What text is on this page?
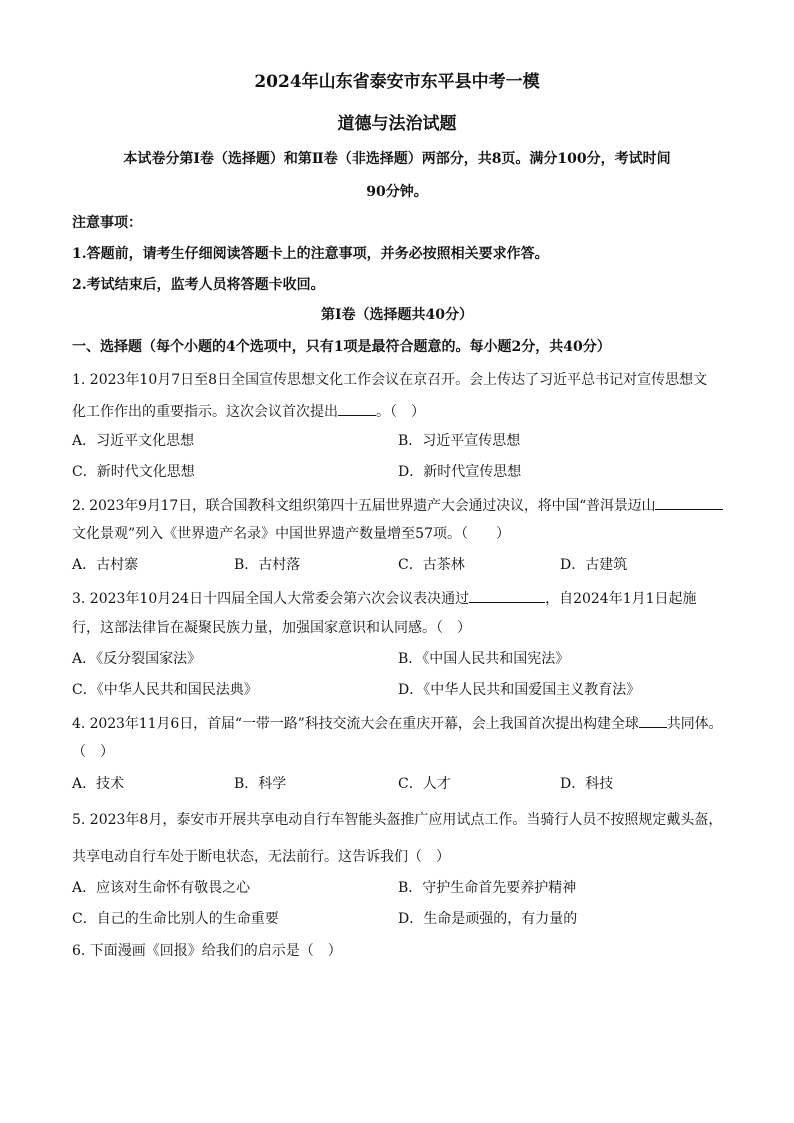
2024年山东省泰安市东平县中考一模
道德与法治试题
本试卷分第Ⅰ卷（选择题）和第Ⅱ卷（非选择题）两部分，共8页。满分100分，考试时间
90分钟。
注意事项：
1.答题前，请考生仔细阅读答题卡上的注意事项，并务必按照相关要求作答。
2.考试结束后，监考人员将答题卡收回。
第Ⅰ卷（选择题共40分）
一、选择题（每个小题的4个选项中，只有1项是最符合题意的。每小题2分，共40分）
1. 2023年10月7日至8日全国宣传思想文化工作会议在京召开。会上传达了习近平总书记对宣传思想文
化工作作出的重要指示。这次会议首次提出	。（　）
A．习近平文化思想	B．习近平宣传思想
C．新时代文化思想	D．新时代宣传思想
2. 2023年9月17日，联合国教科文组织第四十五届世界遗产大会通过决议，将中国“普洱景迈山
文化景观”列入《世界遗产名录》中国世界遗产数量增至57项。（　　）
A．古村寨	B．古村落	C．古茶林	D．古建筑
3. 2023年10月24日十四届全国人大常委会第六次会议表决通过	，自2024年1月1日起施
行，这部法律旨在凝聚民族力量，加强国家意识和认同感。（　）
A．《反分裂国家法》	B．《中国人民共和国宪法》
C．《中华人民共和国民法典》	D．《中华人民共和国爱国主义教育法》
4. 2023年11月6日，首届“一带一路”科技交流大会在重庆开幕，会上我国首次提出构建全球 共同体。
（　）
A．技术	B．科学	C．人才	D．科技
5. 2023年8月，泰安市开展共享电动自行车智能头盔推广应用试点工作。当骑行人员不按照规定戴头盔，
共享电动自行车处于断电状态，无法前行。这告诉我们（　）
A．应该对生命怀有敬畏之心	B．守护生命首先要养护精神
C．自己的生命比别人的生命重要	D．生命是顽强的，有力量的
6. 下面漫画《回报》给我们的启示是（　）
